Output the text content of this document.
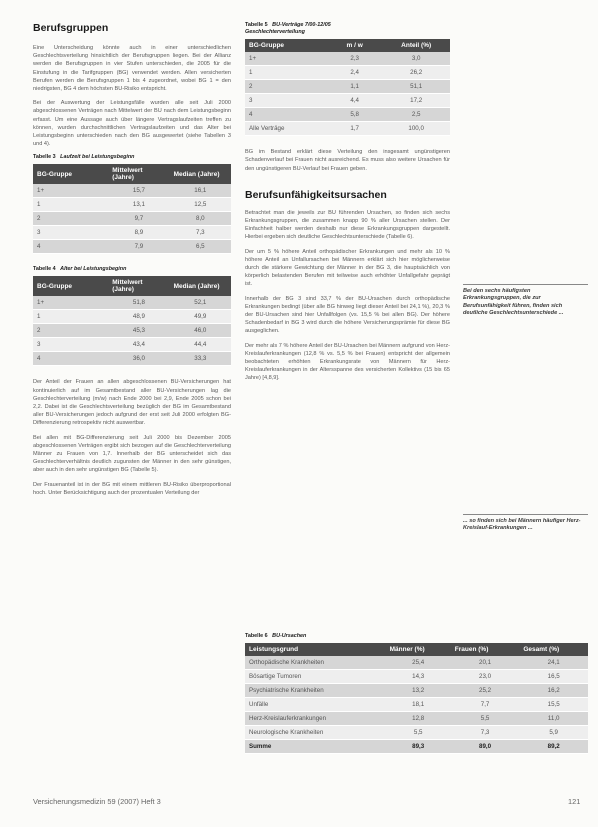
Berufsgruppen

Eine Unterscheidung könnte auch in einer unterschiedlichen Geschlechtsverteilung hinsichtlich der Berufsgruppen liegen. Bei der Allianz werden die Berufsgruppen in vier Stufen unterschieden, die 2005 für die Einstufung in die Tarifgruppen (BG) verwendet werden. Allen versicherten Berufen werden die Berufsgruppen 1 bis 4 zugeordnet, wobei BG 1 = den niedrigsten, BG 4 dem höchsten BU-Risiko entspricht.

Bei der Auswertung der Leistungsfälle wurden alle seit Juli 2000 abgeschlossenen Verträgen nach Mittelwert der BU nach dem Leistungsbeginn erfasst. Um eine Aussage auch über längere Vertragslaufzeiten treffen zu können, wurden durchschnittlichen Vertragslaufzeiten und das Alter bei Leistungsbeginn unterschieden nach den BG ausgewertet (siehe Tabellen 3 und 4).

Tabelle 3 Laufzeit bei Leistungsbeginn
BG-Gruppe	Mittelwert (Jahre)	Median (Jahre)
1+	15,7	16,1
1	13,1	12,5
2	9,7	8,0
3	8,9	7,3
4	7,9	6,5
Tabelle 4 Alter bei Leistungsbeginn
BG-Gruppe	Mittelwert (Jahre)	Median (Jahre)
1+	51,8	52,1
1	48,9	49,9
2	45,3	46,0
3	43,4	44,4
4	36,0	33,3

Der Anteil der Frauen an allen abgeschlossenen BU-Versicherungen hat kontinuierlich auf im Gesamtbestand aller BU-Versicherungen lag die Geschlechterverteilung (m/w) nach Ende 2000 bei 2,9, Ende 2005 schon bei 2,2. Dabei ist die Geschlechtsverteilung bezüglich der BG im Gesamtbestand aller BU-Versicherungen jedoch aufgrund der erst seit Juli 2000 erfolgten BG-Differenzierung retrospektiv nicht auswertbar.

Bei allen mit BG-Differenzierung seit Juli 2000 bis Dezember 2005 abgeschlossenen Verträgen ergibt sich bezogen auf die Geschlechterverteilung Männer zu Frauen von 1,7. Innerhalb der BG unterscheidet sich das Geschlechterverhältnis deutlich zugunsten der Männer in den sehr günstigen, aber auch in den sehr ungünstigen BG (Tabelle 5).

Der Frauenanteil ist in der BG mit einem mittleren BU-Risiko überproportional hoch. Unter Berücksichtigung auch der prozentualen Verteilung der

Tabelle 5 BU-Verträge 7/00-12/05
Geschlechterverteilung
BG-Gruppe	m / w	Anteil (%)
1+	2,3	3,0
1	2,4	26,2
2	1,1	51,1
3	4,4	17,2
4	5,8	2,5
Alle Verträge	1,7	100,0

BG im Bestand erklärt diese Verteilung den insgesamt ungünstigeren Schadenverlauf bei Frauen nicht ausreichend. Es muss also weitere Ursachen für den ungünstigeren BU-Verlauf bei Frauen geben.

Berufsunfähigkeitsursachen

Betrachtet man die jeweils zur BU führenden Ursachen, so finden sich sechs Erkrankungsgruppen, die zusammen knapp 90 % aller Ursachen stellen. Der Einfachheit halber werden deshalb nur diese Erkrankungsgruppen dargestellt. Hierbei ergeben sich deutliche Geschlechtsunterschiede (Tabelle 6).

Der um 5 % höhere Anteil orthopädischer Erkrankungen und mehr als 10 % höhere Anteil an Unfallursachen bei Männern erklärt sich hier möglicherweise durch die stärkere Gewichtung der Männer in der BG 3, die hauptsächlich von körperlich belastenden Berufen mit teilweise auch erhöhter Unfallgefahr geprägt ist.

Innerhalb der BG 3 sind 33,7 % der BU-Ursachen durch orthopädische Erkrankungen bedingt (über alle BG hinweg liegt dieser Anteil bei 24,1 %), 20,3 % der BU-Ursachen sind hier Unfallfolgen (vs. 15,5 % bei allen BG). Der höhere Schadenbedarf in BG 3 wird durch die höhere Versicherungsprämie für diese BG ausgeglichen.

Der mehr als 7 % höhere Anteil der BU-Ursachen bei Männern aufgrund von Herz-Kreislauferkrankungen (12,8 % vs. 5,5 % bei Frauen) entspricht der allgemein beobachteten erhöhten Erkrankungsrate von Männern für Herz-Kreislauferkrankungen in der Altersspanne des versicherten Kollektivs (15 bis 65 Jahre) [4,8,9].

Bei den sechs häufigsten Erkrankungsgruppen, die zur Berufsunfähigkeit führen, finden sich deutliche Geschlechtsunterschiede ...
... so finden sich bei Männern häufiger Herz-Kreislauf-Erkrankungen ...
Tabelle 6 BU-Ursachen
Leistungsgrund	Männer (%)	Frauen (%)	Gesamt (%)
Orthopädische Krankheiten	25,4	20,1	24,1
Bösartige Tumoren	14,3	23,0	16,5
Psychiatrische Krankheiten	13,2	25,2	16,2
Unfälle	18,1	7,7	15,5
Herz-Kreislauferkrankungen	12,8	5,5	11,0
Neurologische Krankheiten	5,5	7,3	5,9
Summe	89,3	89,0	89,2
Versicherungsmedizin 59 (2007) Heft 3	121
